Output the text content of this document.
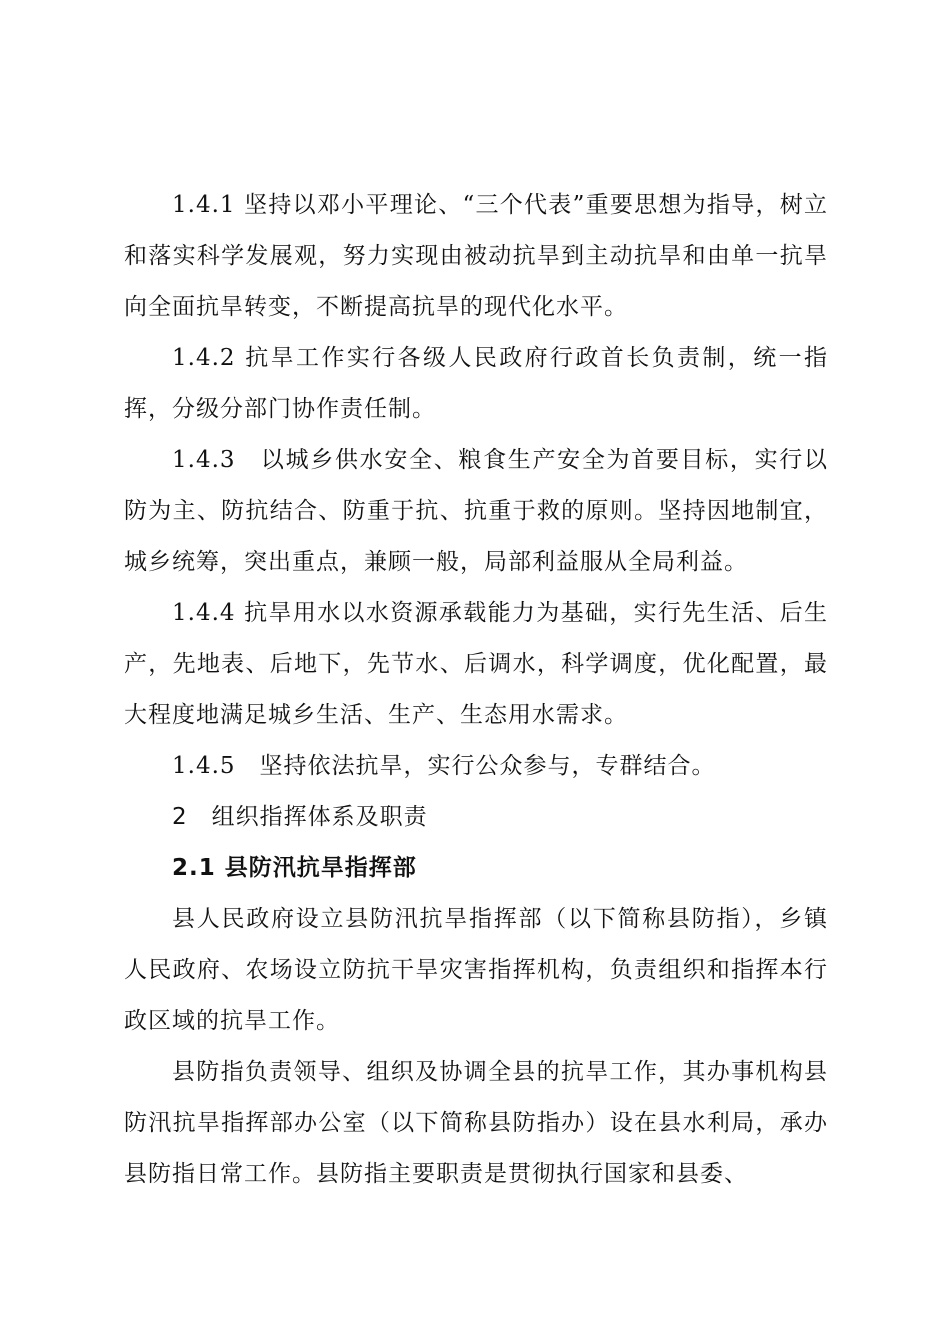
1.4.1 坚持以邓小平理论、“三个代表”重要思想为指导，树立和落实科学发展观，努力实现由被动抗旱到主动抗旱和由单一抗旱向全面抗旱转变，不断提高抗旱的现代化水平。

1.4.2 抗旱工作实行各级人民政府行政首长负责制，统一指挥，分级分部门协作责任制。

1.4.3　以城乡供水安全、粮食生产安全为首要目标，实行以防为主、防抗结合、防重于抗、抗重于救的原则。坚持因地制宜，城乡统筹，突出重点，兼顾一般，局部利益服从全局利益。

1.4.4 抗旱用水以水资源承载能力为基础，实行先生活、后生产，先地表、后地下，先节水、后调水，科学调度，优化配置，最大程度地满足城乡生活、生产、生态用水需求。

1.4.5　坚持依法抗旱，实行公众参与，专群结合。

2　组织指挥体系及职责

2.1 县防汛抗旱指挥部

县人民政府设立县防汛抗旱指挥部（以下简称县防指），乡镇人民政府、农场设立防抗干旱灾害指挥机构，负责组织和指挥本行政区域的抗旱工作。

县防指负责领导、组织及协调全县的抗旱工作，其办事机构县防汛抗旱指挥部办公室（以下简称县防指办）设在县水利局，承办县防指日常工作。县防指主要职责是贯彻执行国家和县委、
